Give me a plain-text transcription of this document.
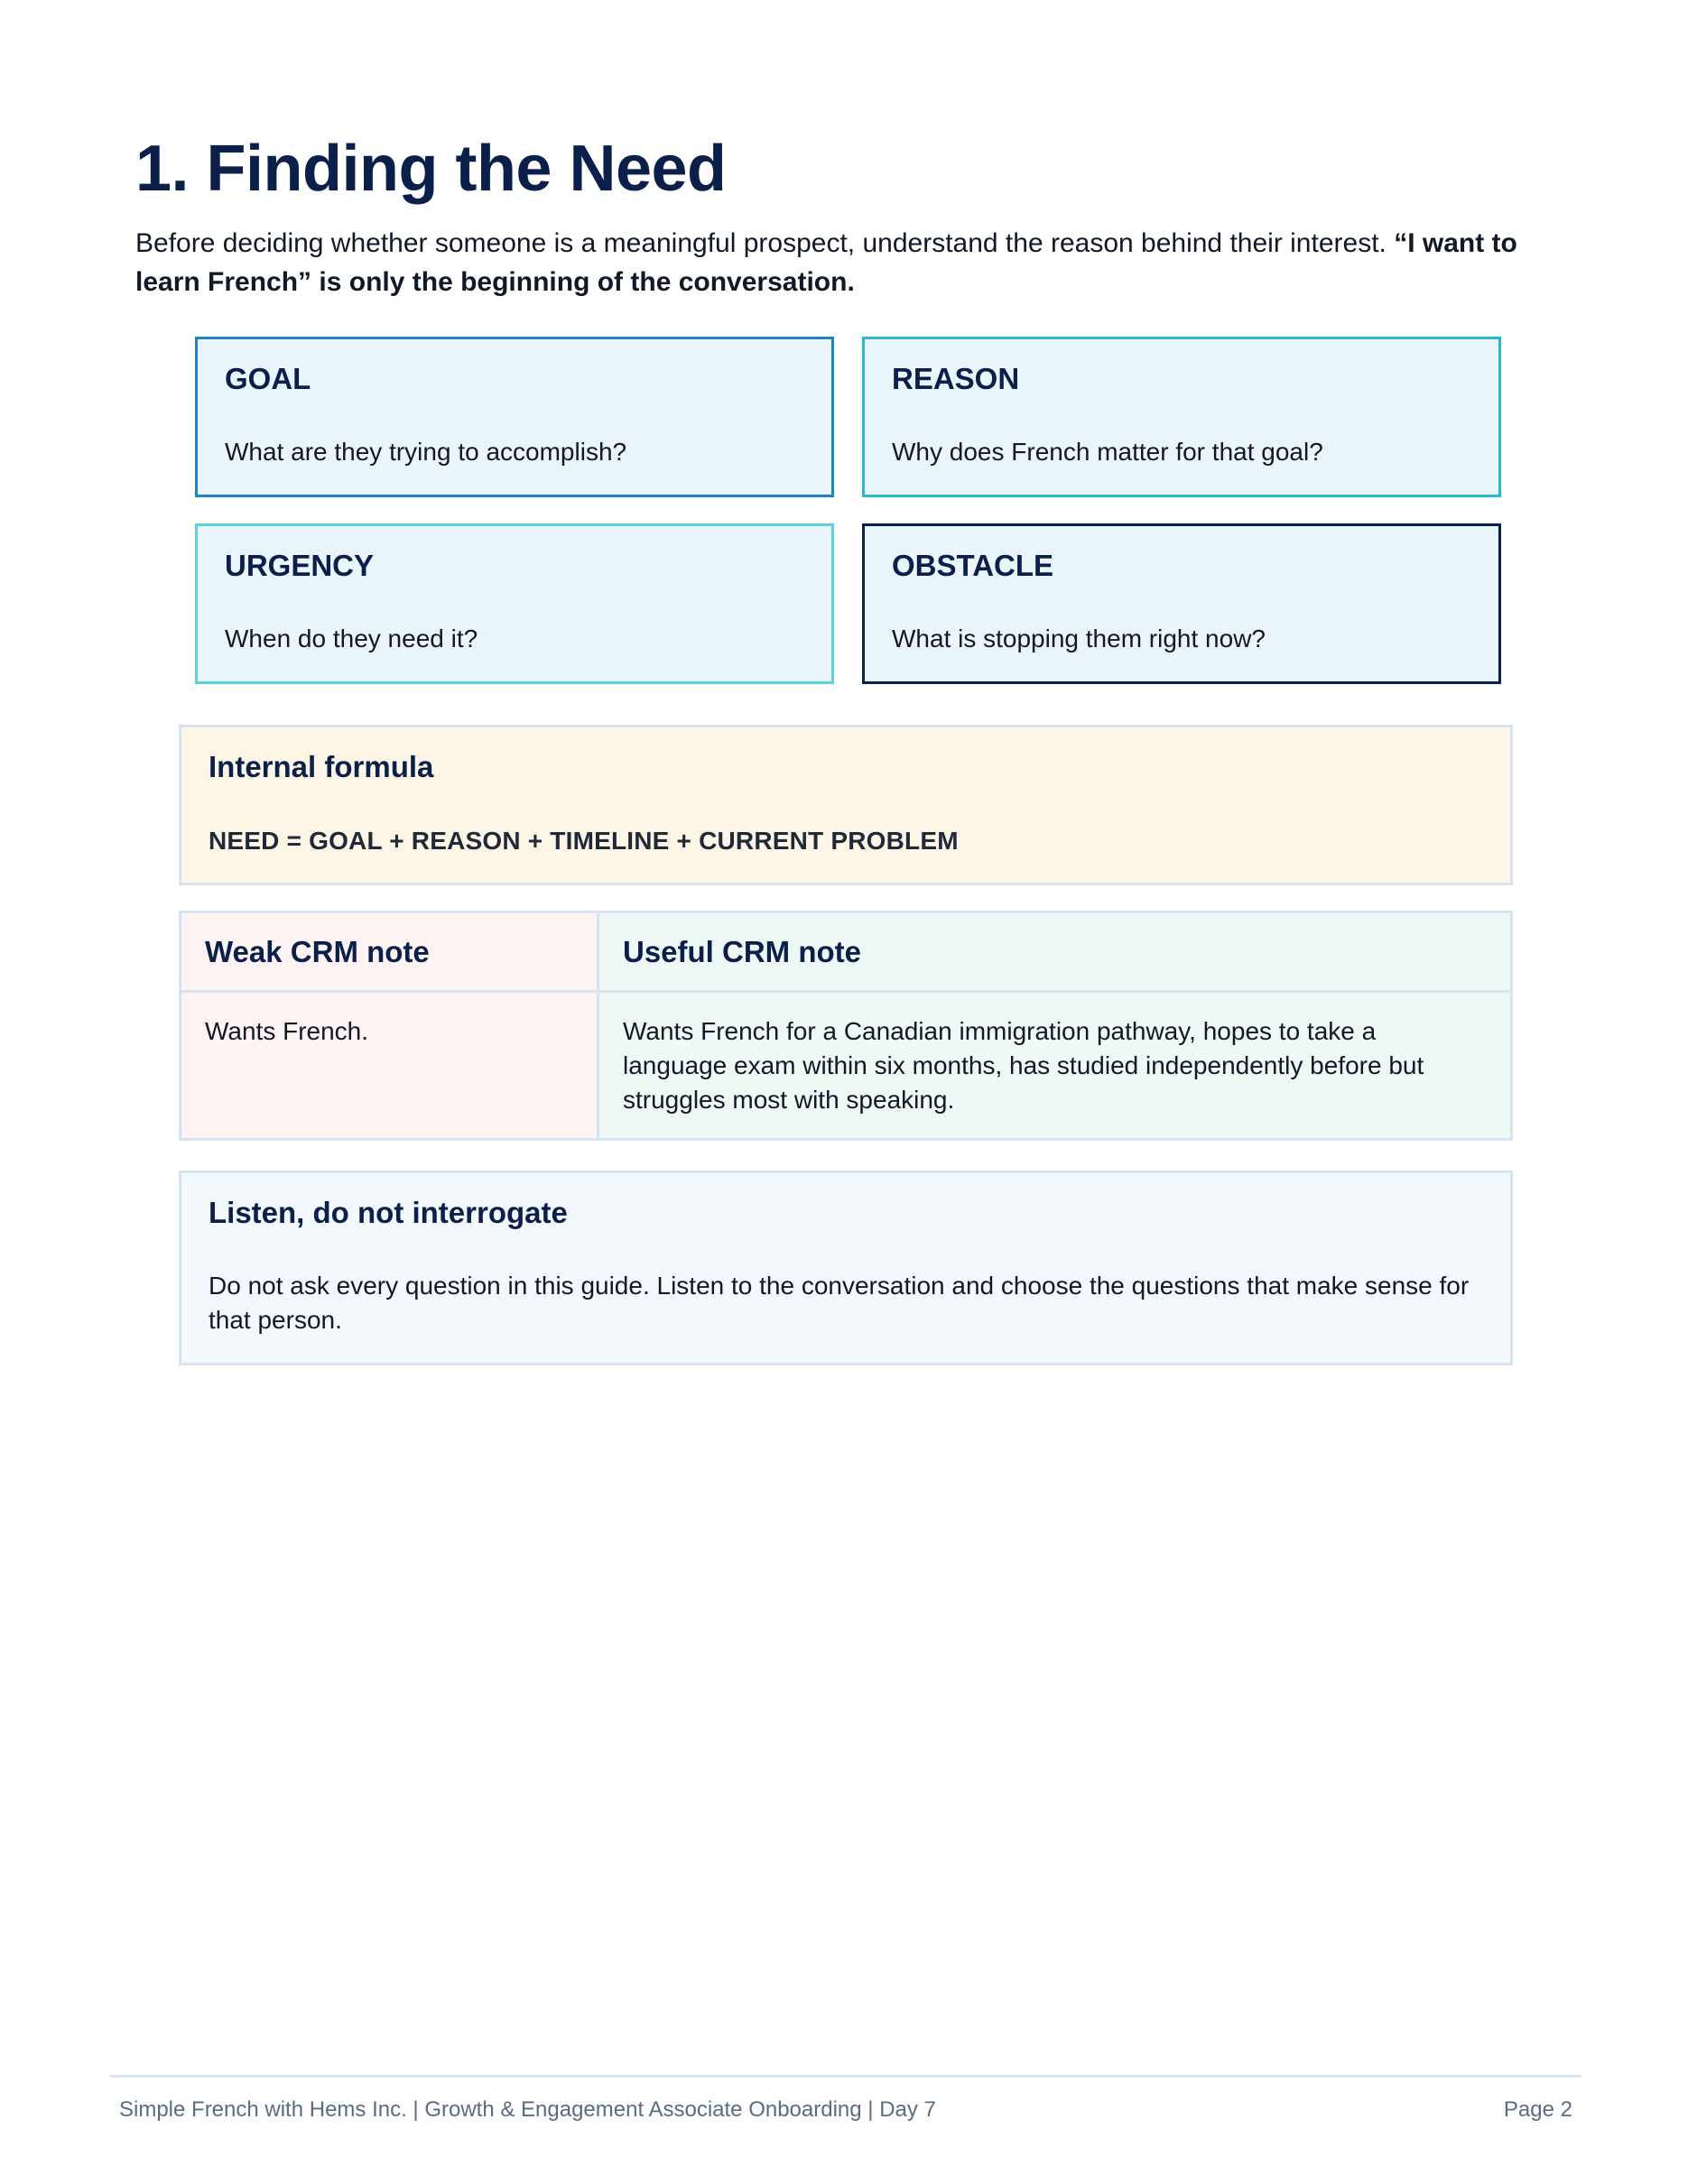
1. Finding the Need

Before deciding whether someone is a meaningful prospect, understand the reason behind their interest. “I want to learn French” is only the beginning of the conversation.

GOAL
What are they trying to accomplish?
REASON
Why does French matter for that goal?
URGENCY
When do they need it?
OBSTACLE
What is stopping them right now?
Internal formula
NEED = GOAL + REASON + TIMELINE + CURRENT PROBLEM
Weak CRM note	Useful CRM note
Wants French.	Wants French for a Canadian immigration pathway, hopes to take a language exam within six months, has studied independently before but struggles most with speaking.
Listen, do not interrogate
Do not ask every question in this guide. Listen to the conversation and choose the questions that make sense for that person.
Simple French with Hems Inc. | Growth & Engagement Associate Onboarding | Day 7	Page 2
